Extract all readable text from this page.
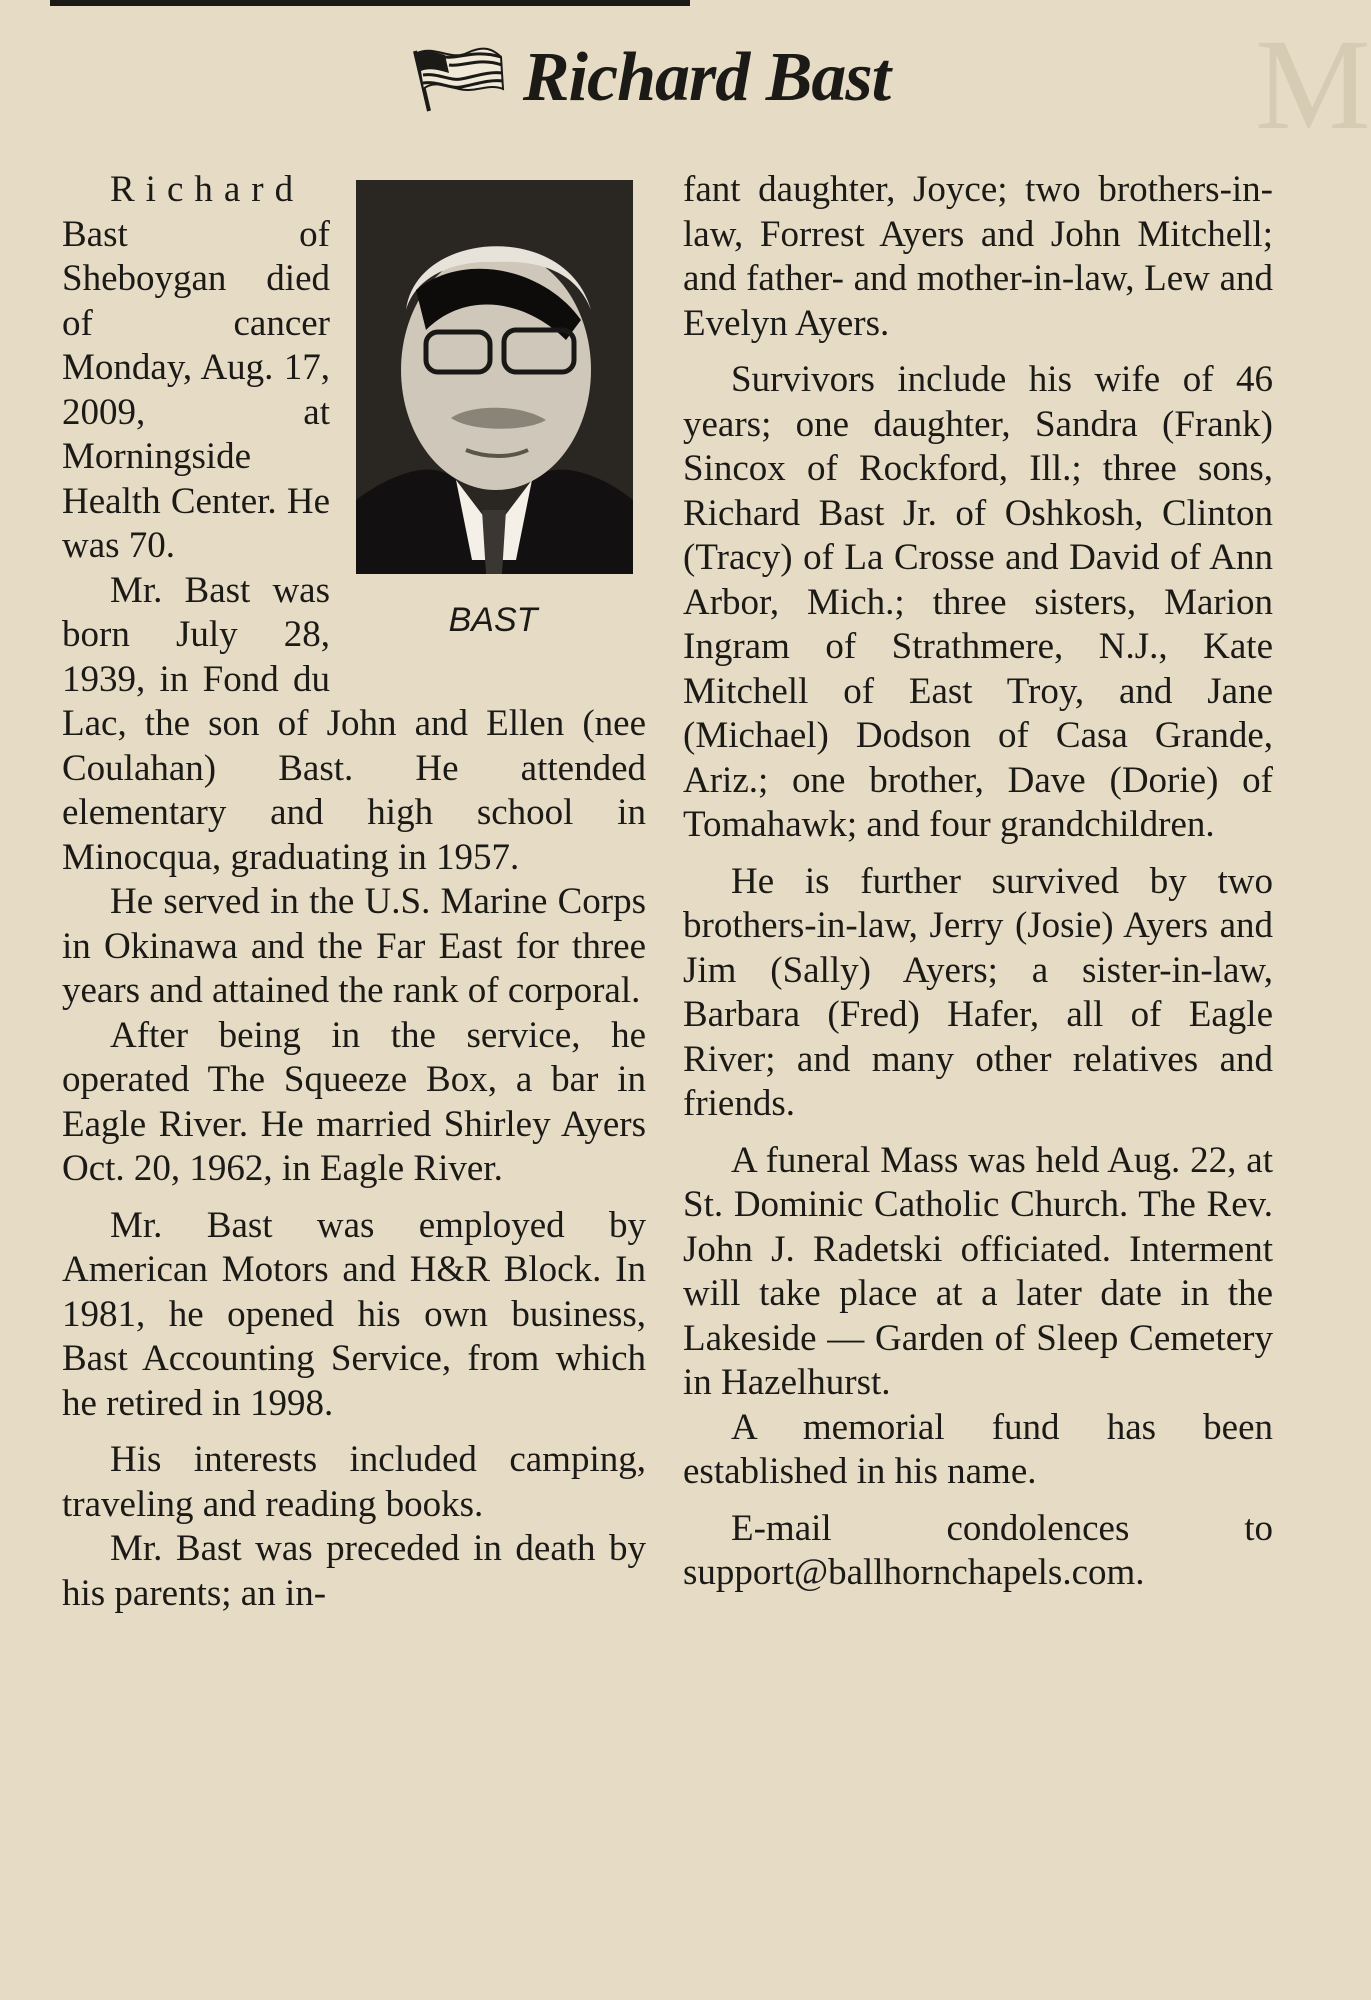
M
Richard Bast
BAST

Richard Bast of Sheboygan died of cancer Monday, Aug. 17, 2009, at Morningside Health Center. He was 70.

Mr. Bast was born July 28, 1939, in Fond du Lac, the son of John and Ellen (nee Coulahan) Bast. He attended elementary and high school in Minocqua, graduating in 1957.

He served in the U.S. Marine Corps in Okinawa and the Far East for three years and attained the rank of corporal.

After being in the service, he operated The Squeeze Box, a bar in Eagle River. He married Shirley Ayers Oct. 20, 1962, in Eagle River.

Mr. Bast was employed by American Motors and H&R Block. In 1981, he opened his own business, Bast Accounting Service, from which he retired in 1998.

His interests included camping, traveling and reading books.

Mr. Bast was preceded in death by his parents; an in-

fant daughter, Joyce; two brothers-in-law, Forrest Ayers and John Mitchell; and father- and mother-in-law, Lew and Evelyn Ayers.

Survivors include his wife of 46 years; one daughter, Sandra (Frank) Sincox of Rockford, Ill.; three sons, Richard Bast Jr. of Oshkosh, Clinton (Tracy) of La Crosse and David of Ann Arbor, Mich.; three sisters, Marion Ingram of Strathmere, N.J., Kate Mitchell of East Troy, and Jane (Michael) Dodson of Casa Grande, Ariz.; one brother, Dave (Dorie) of Tomahawk; and four grandchildren.

He is further survived by two brothers-in-law, Jerry (Josie) Ayers and Jim (Sally) Ayers; a sister-in-law, Barbara (Fred) Hafer, all of Eagle River; and many other relatives and friends.

A funeral Mass was held Aug. 22, at St. Dominic Catholic Church. The Rev. John J. Radetski officiated. Interment will take place at a later date in the Lakeside — Garden of Sleep Cemetery in Hazelhurst.

A memorial fund has been established in his name.

E-mail condolences to support@ballhornchapels.com.
